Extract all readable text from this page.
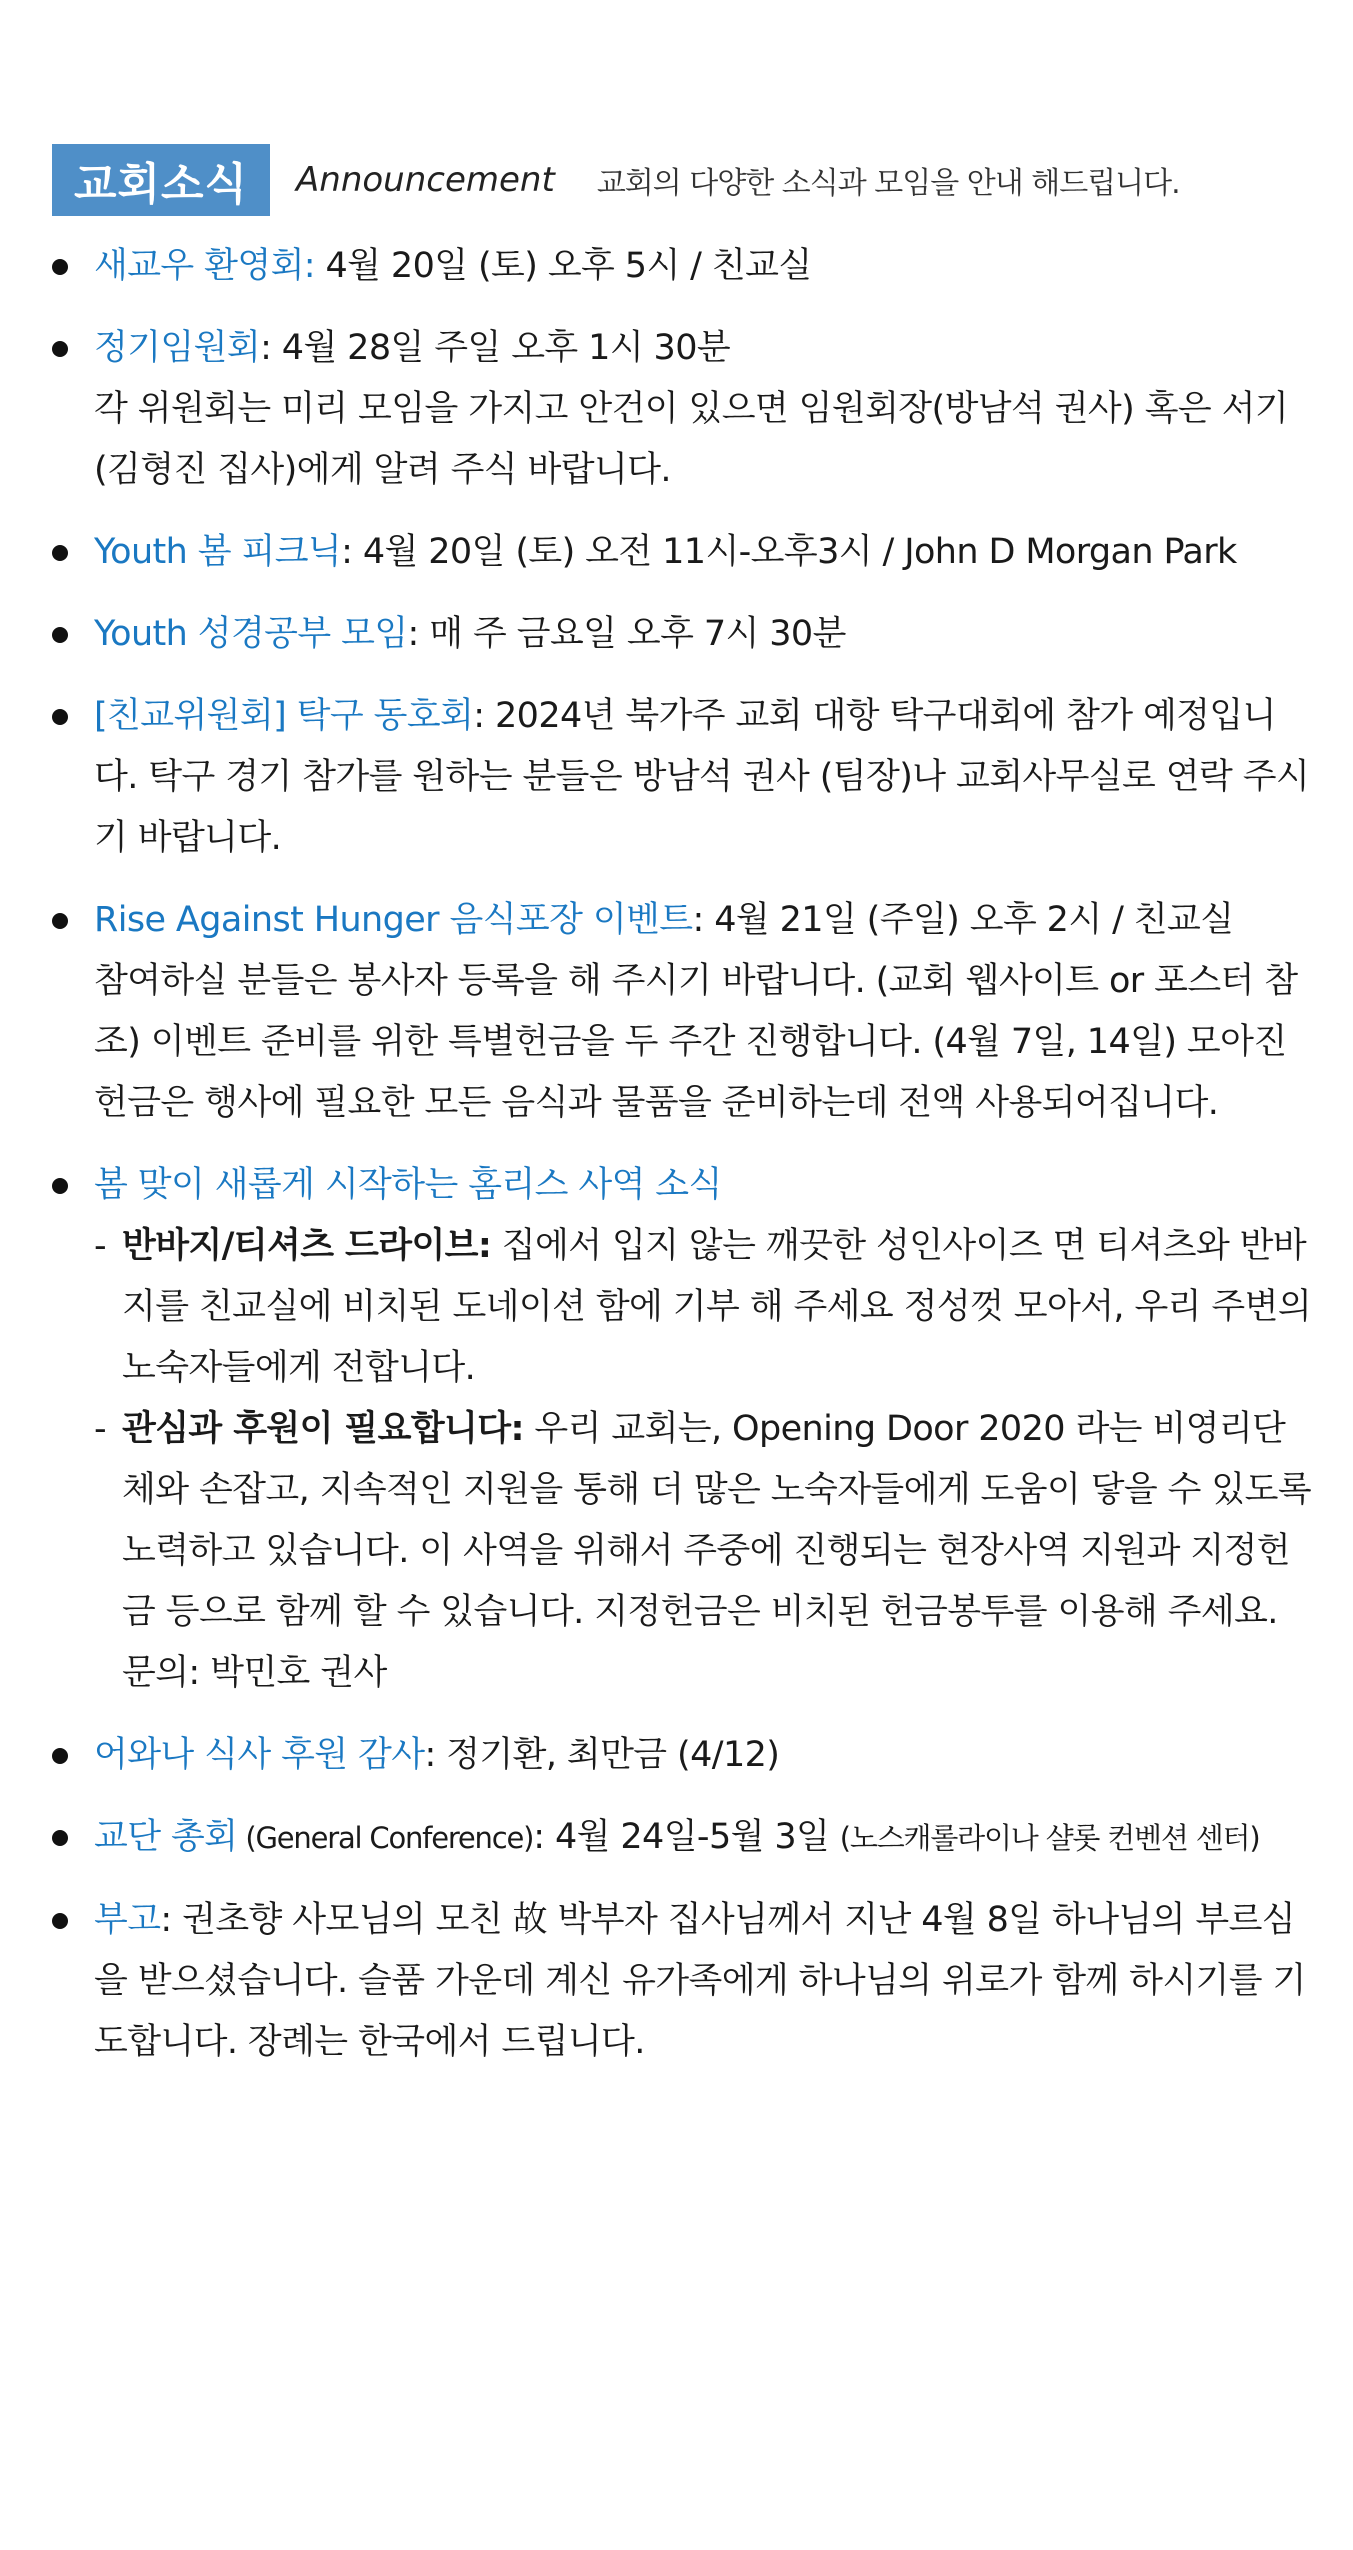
교회소식	Announcement 교회의 다양한 소식과 모임을 안내 해드립니다.
새교우 환영회: 4월 20일 (토) 오후 5시 / 친교실
정기임원회: 4월 28일 주일 오후 1시 30분
각 위원회는 미리 모임을 가지고 안건이 있으면 임원회장(방남석 권사) 혹은 서기(김형진 집사)에게 알려 주식 바랍니다.
Youth 봄 피크닉: 4월 20일 (토) 오전 11시-오후3시 / John D Morgan Park
Youth 성경공부 모임: 매 주 금요일 오후 7시 30분
[친교위원회] 탁구 동호회: 2024년 북가주 교회 대항 탁구대회에 참가 예정입니다. 탁구 경기 참가를 원하는 분들은 방남석 권사 (팀장)나 교회사무실로 연락 주시기 바랍니다.
Rise Against Hunger 음식포장 이벤트: 4월 21일 (주일) 오후 2시 / 친교실
참여하실 분들은 봉사자 등록을 해 주시기 바랍니다. (교회 웹사이트 or 포스터 참조) 이벤트 준비를 위한 특별헌금을 두 주간 진행합니다. (4월 7일, 14일) 모아진 헌금은 행사에 필요한 모든 음식과 물품을 준비하는데 전액 사용되어집니다.
봄 맞이 새롭게 시작하는 홈리스 사역 소식
- 반바지/티셔츠 드라이브: 집에서 입지 않는 깨끗한 성인사이즈 면 티셔츠와 반바지를 친교실에 비치된 도네이션 함에 기부 해 주세요 정성껏 모아서, 우리 주변의 노숙자들에게 전합니다.
- 관심과 후원이 필요합니다: 우리 교회는, Opening Door 2020 라는 비영리단체와 손잡고, 지속적인 지원을 통해 더 많은 노숙자들에게 도움이 닿을 수 있도록 노력하고 있습니다. 이 사역을 위해서 주중에 진행되는 현장사역 지원과 지정헌금 등으로 함께 할 수 있습니다. 지정헌금은 비치된 헌금봉투를 이용해 주세요. 문의: 박민호 권사
어와나 식사 후원 감사: 정기환, 최만금 (4/12)
교단 총회 (General Conference): 4월 24일-5월 3일 (노스캐롤라이나 샬롯 컨벤션 센터)
부고: 권초향 사모님의 모친 故 박부자 집사님께서 지난 4월 8일 하나님의 부르심을 받으셨습니다. 슬품 가운데 계신 유가족에게 하나님의 위로가 함께 하시기를 기도합니다. 장례는 한국에서 드립니다.
